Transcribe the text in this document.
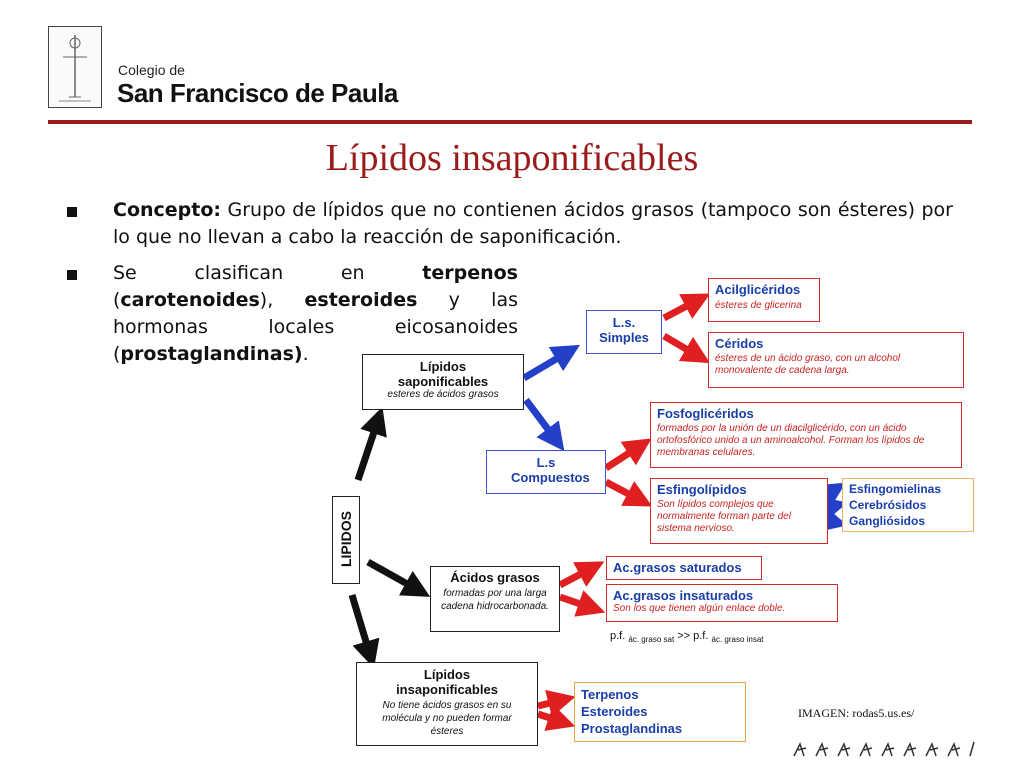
Colegio de
San Francisco de Paula
Lípidos insaponificables
Concepto: Grupo de lípidos que no contienen ácidos grasos (tampoco son ésteres) por lo que no llevan a cabo la reacción de saponificación.
Se clasifican en terpenos (carotenoides), esteroides y las hormonas locales eicosanoides (prostaglandinas).
LIPIDOS
Lípidos saponificables
esteres de ácidos grasos
L.s. Simples
Acilglicéridos
ésteres de glicerina
Céridos
ésteres de un ácido graso, con un alcohol monovalente de cadena larga.
L.s Compuestos
Fosfoglicéridos
formados por la unión de un diacilglicérido, con un ácido ortofosfórico unido a un aminoalcohol. Forman los lípidos de membranas celulares.
Esfingolípidos
Son lípidos complejos que normalmente forman parte del sistema nervioso.
Esfingomielinas
Cerebrósidos
Gangliósidos
Ácidos grasos
formadas por una larga cadena hidrocarbonada.
Ac.grasos saturados
Ac.grasos insaturados
Son los que tienen algún enlace doble.
p.f. $_{ác. graso sat}$ >> p.f. $_{ác. graso insat}$
Lípidos insaponificables
No tiene ácidos grasos en su molécula y no pueden formar ésteres
Terpenos
Esteroides
Prostaglandinas
IMAGEN: rodas5.us.es/
